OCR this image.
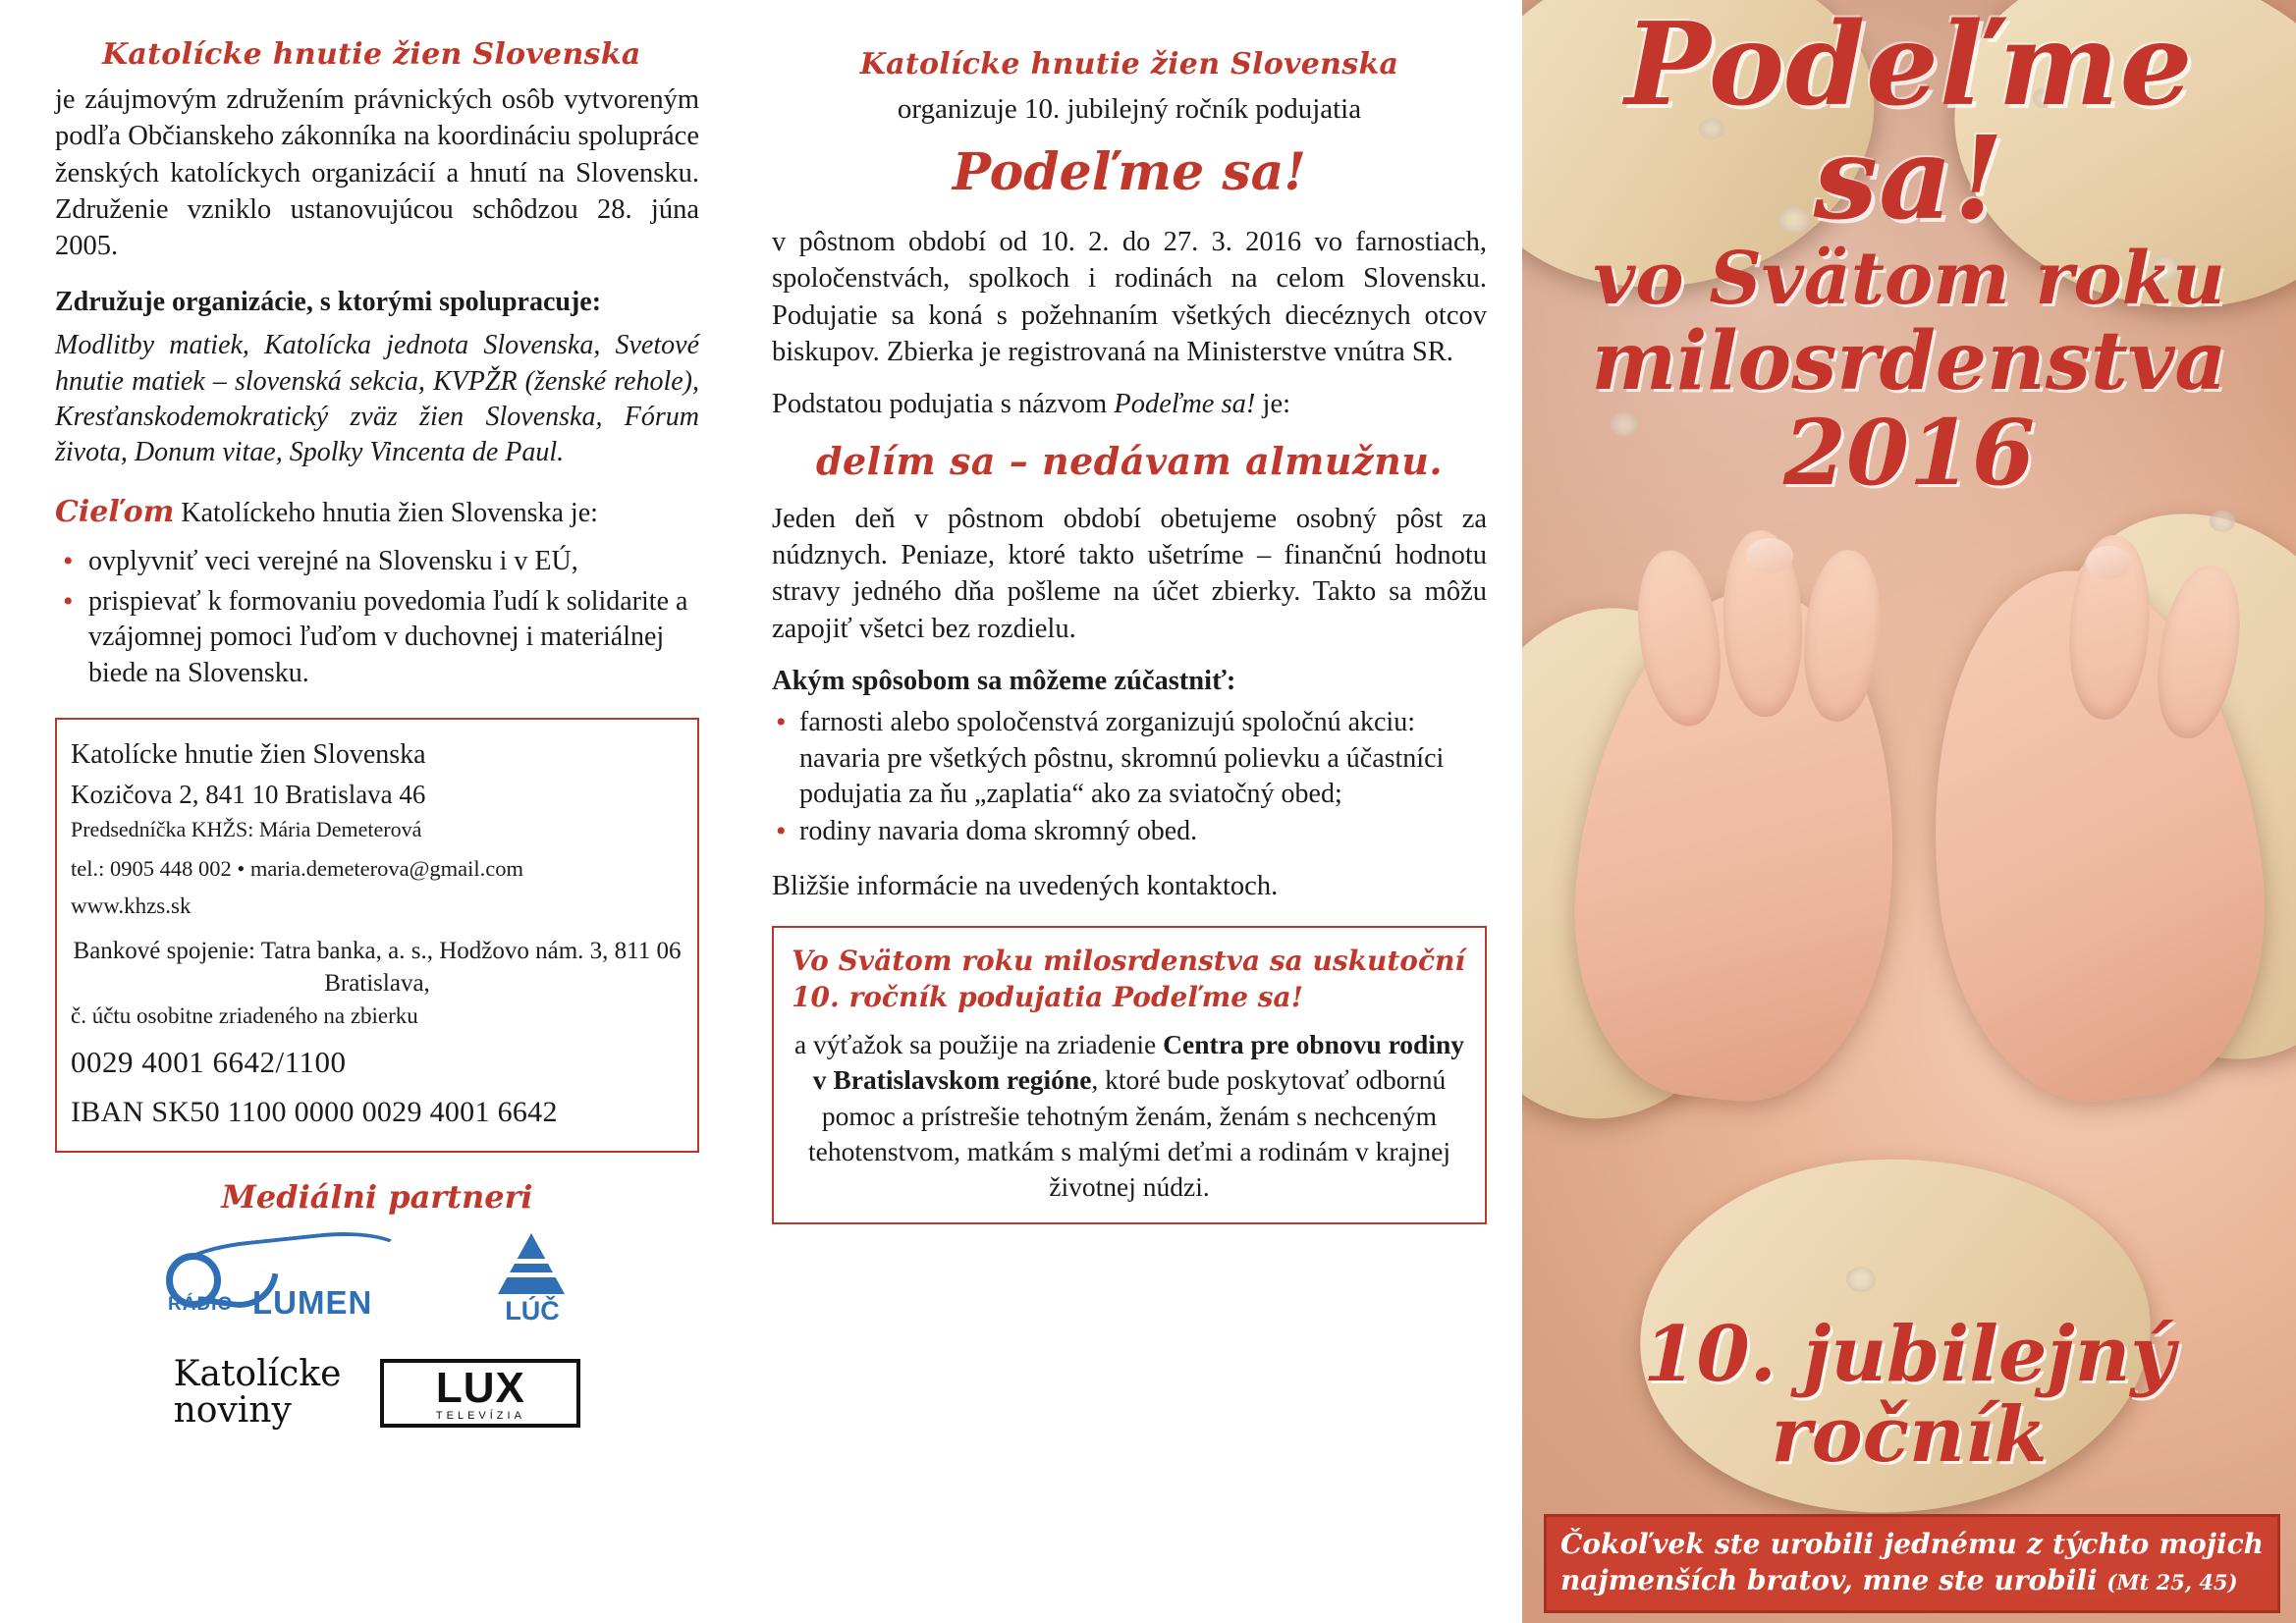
Katolícke hnutie žien Slovenska

je záujmovým združením právnických osôb vytvoreným podľa Občianskeho zákonníka na koordináciu spolupráce ženských katolíckych organizácií a hnutí na Slovensku. Združenie vzniklo ustanovujúcou schôdzou 28. júna 2005.

Združuje organizácie, s ktorými spolupracuje:

Modlitby matiek, Katolícka jednota Slovenska, Svetové hnutie matiek – slovenská sekcia, KVPŽR (ženské rehole), Kresťanskodemokratický zväz žien Slovenska, Fórum života, Donum vitae, Spolky Vincenta de Paul.

Cieľom Katolíckeho hnutia žien Slovenska je:

• ovplyvniť veci verejné na Slovensku i v EÚ,
• prispievať k formovaniu povedomia ľudí k solidarite a vzájomnej pomoci ľuďom v duchovnej i materiálnej biede na Slovensku.

Katolícke hnutie žien Slovenska

Kozičova 2, 841 10 Bratislava 46

Predsedníčka KHŽS: Mária Demeterová

tel.: 0905 448 002 • maria.demeterova@gmail.com

www.khzs.sk

Bankové spojenie: Tatra banka, a. s., Hodžovo nám. 3, 811 06 Bratislava,

č. účtu osobitne zriadeného na zbierku

0029 4001 6642/1100

IBAN SK50 1100 0000 0029 4001 6642

Mediálni partneri
RÁDIO LUMEN	LÚČ
Katolícke
noviny	LUX
TELEVÍZIA
Katolícke hnutie žien Slovenska

organizuje 10. jubilejný ročník podujatia

Podeľme sa!

v pôstnom období od 10. 2. do 27. 3. 2016 vo farnostiach, spoločenstvách, spolkoch i rodinách na celom Slovensku. Podujatie sa koná s požehnaním všetkých diecéznych otcov biskupov. Zbierka je registrovaná na Ministerstve vnútra SR.

Podstatou podujatia s názvom Podeľme sa! je:

delím sa – nedávam almužnu.

Jeden deň v pôstnom období obetujeme osobný pôst za núdznych. Peniaze, ktoré takto ušetríme – finančnú hodnotu stravy jedného dňa pošleme na účet zbierky. Takto sa môžu zapojiť všetci bez rozdielu.

Akým spôsobom sa môžeme zúčastniť:

• farnosti alebo spoločenstvá zorganizujú spoločnú akciu: navaria pre všetkých pôstnu, skromnú polievku a účastníci podujatia za ňu „zaplatia“ ako za sviatočný obed;
• rodiny navaria doma skromný obed.

Bližšie informácie na uvedených kontaktoch.

Vo Svätom roku milosrdenstva sa uskutoční 10. ročník podujatia Podeľme sa!

a výťažok sa použije na zriadenie Centra pre obnovu rodiny v Bratislavskom regióne, ktoré bude poskytovať odbornú pomoc a prístrešie tehotným ženám, ženám s nechceným tehotenstvom, matkám s malými deťmi a rodinám v krajnej životnej núdzi.

Podeľme sa!
vo Svätom roku
milosrdenstva
2016
10. jubilejný
ročník

Čokoľvek ste urobili jednému z týchto mojich najmenších bratov, mne ste urobili (Mt 25, 45)
